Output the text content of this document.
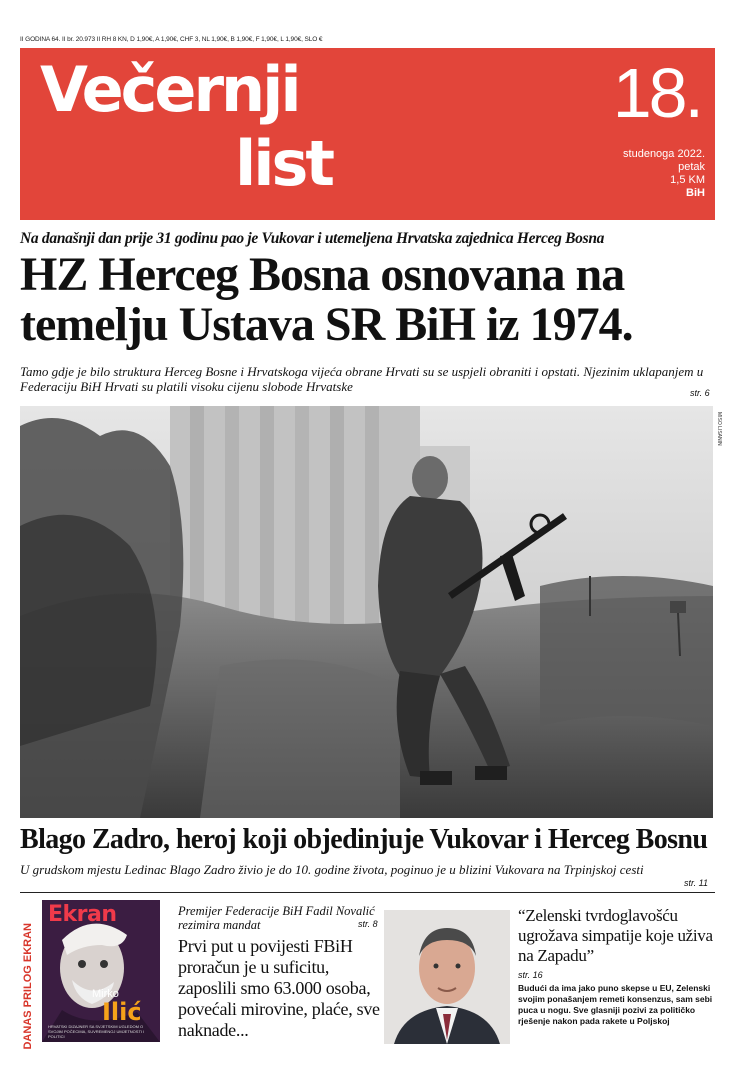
II GODINA 64. II br. 20.973 II RH 8 KN, D 1,90€, A 1,90€, CHF 3, NL 1,90€, B 1,90€, F 1,90€, L 1,90€, SLO €
Večernji
list
18.
studenoga 2022.
petak
1,5 KM
BiH
Na današnji dan prije 31 godinu pao je Vukovar i utemeljena Hrvatska zajednica Herceg Bosna
HZ Herceg Bosna osnovana na temelju Ustava SR BiH iz 1974.

Tamo gdje je bilo struktura Herceg Bosne i Hrvatskoga vijeća obrane Hrvati su se uspjeli obraniti i opstati. Njezinim uklapanjem u Federaciju BiH Hrvati su platili visoku cijenu slobode Hrvatske	str. 6
MISO LISANIN
Blago Zadro, heroj koji objedinjuje Vukovar i Herceg Bosnu

U grudskom mjestu Ledinac Blago Zadro živio je do 10. godine života, poginuo je u blizini Vukovara na Trpinjskoj cesti

str. 11
DANAS PRILOG EKRAN
Ekran
Mirko
Ilić
HRVATSKI DIZAJNER SA SVJETSKIM UGLEDOM O SVOJIM POČECIMA, SUVREMENOJ UMJETNOSTI I POLITICI
Premijer Federacije BiH Fadil Novalić rezimira mandat
Prvi put u povijesti FBiH proračun je u suficitu, zaposlili smo 63.000 osoba, povećali mirovine, plaće, sve naknade...
str. 8	“Zelenski tvrdoglavošću ugrožava simpatije koje uživa na Zapadu”
str. 16
Budući da ima jako puno skepse u EU, Zelenski svojim ponašanjem remeti konsenzus, sam sebi puca u nogu. Sve glasniji pozivi za političko rješenje nakon pada rakete u Poljskoj
